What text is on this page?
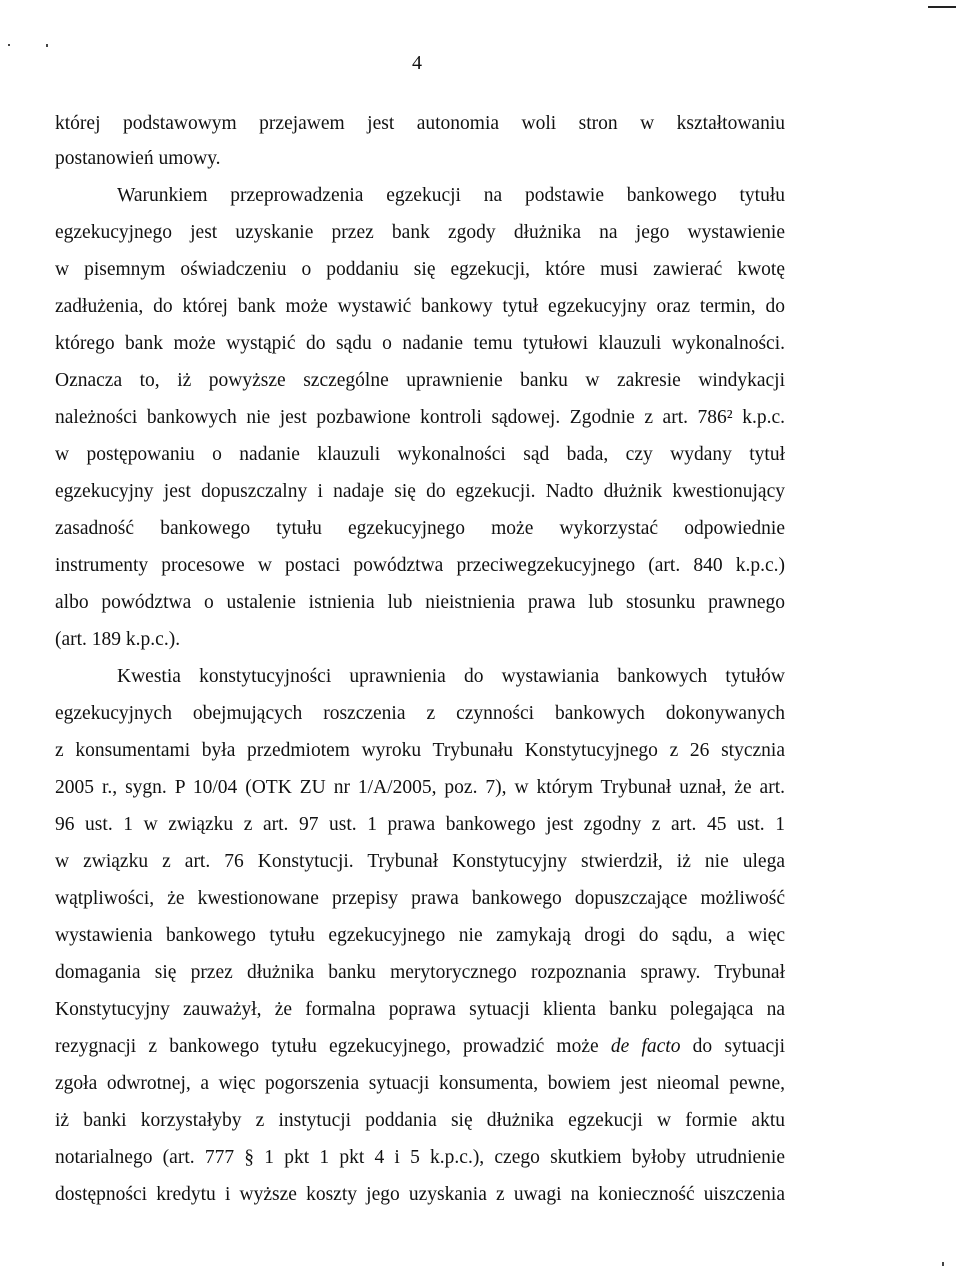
4
której podstawowym przejawem jest autonomia woli stron w kształtowaniu
postanowień umowy.
Warunkiem przeprowadzenia egzekucji na podstawie bankowego tytułu
egzekucyjnego jest uzyskanie przez bank zgody dłużnika na jego wystawienie
w pisemnym oświadczeniu o poddaniu się egzekucji, które musi zawierać kwotę
zadłużenia, do której bank może wystawić bankowy tytuł egzekucyjny oraz termin, do
którego bank może wystąpić do sądu o nadanie temu tytułowi klauzuli wykonalności.
Oznacza to, iż powyższe szczególne uprawnienie banku w zakresie windykacji
należności bankowych nie jest pozbawione kontroli sądowej. Zgodnie z art. 786² k.p.c.
w postępowaniu o nadanie klauzuli wykonalności sąd bada, czy wydany tytuł
egzekucyjny jest dopuszczalny i nadaje się do egzekucji. Nadto dłużnik kwestionujący
zasadność bankowego tytułu egzekucyjnego może wykorzystać odpowiednie
instrumenty procesowe w postaci powództwa przeciwegzekucyjnego (art. 840 k.p.c.)
albo powództwa o ustalenie istnienia lub nieistnienia prawa lub stosunku prawnego
(art. 189 k.p.c.).
Kwestia konstytucyjności uprawnienia do wystawiania bankowych tytułów
egzekucyjnych obejmujących roszczenia z czynności bankowych dokonywanych
z konsumentami była przedmiotem wyroku Trybunału Konstytucyjnego z 26 stycznia
2005 r., sygn. P 10/04 (OTK ZU nr 1/A/2005, poz. 7), w którym Trybunał uznał, że art.
96 ust. 1 w związku z art. 97 ust. 1 prawa bankowego jest zgodny z art. 45 ust. 1
w związku z art. 76 Konstytucji. Trybunał Konstytucyjny stwierdził, iż nie ulega
wątpliwości, że kwestionowane przepisy prawa bankowego dopuszczające możliwość
wystawienia bankowego tytułu egzekucyjnego nie zamykają drogi do sądu, a więc
domagania się przez dłużnika banku merytorycznego rozpoznania sprawy. Trybunał
Konstytucyjny zauważył, że formalna poprawa sytuacji klienta banku polegająca na
rezygnacji z bankowego tytułu egzekucyjnego, prowadzić może de facto do sytuacji
zgoła odwrotnej, a więc pogorszenia sytuacji konsumenta, bowiem jest nieomal pewne,
iż banki korzystałyby z instytucji poddania się dłużnika egzekucji w formie aktu
notarialnego (art. 777 § 1 pkt 1 pkt 4 i 5 k.p.c.), czego skutkiem byłoby utrudnienie
dostępności kredytu i wyższe koszty jego uzyskania z uwagi na konieczność uiszczenia
